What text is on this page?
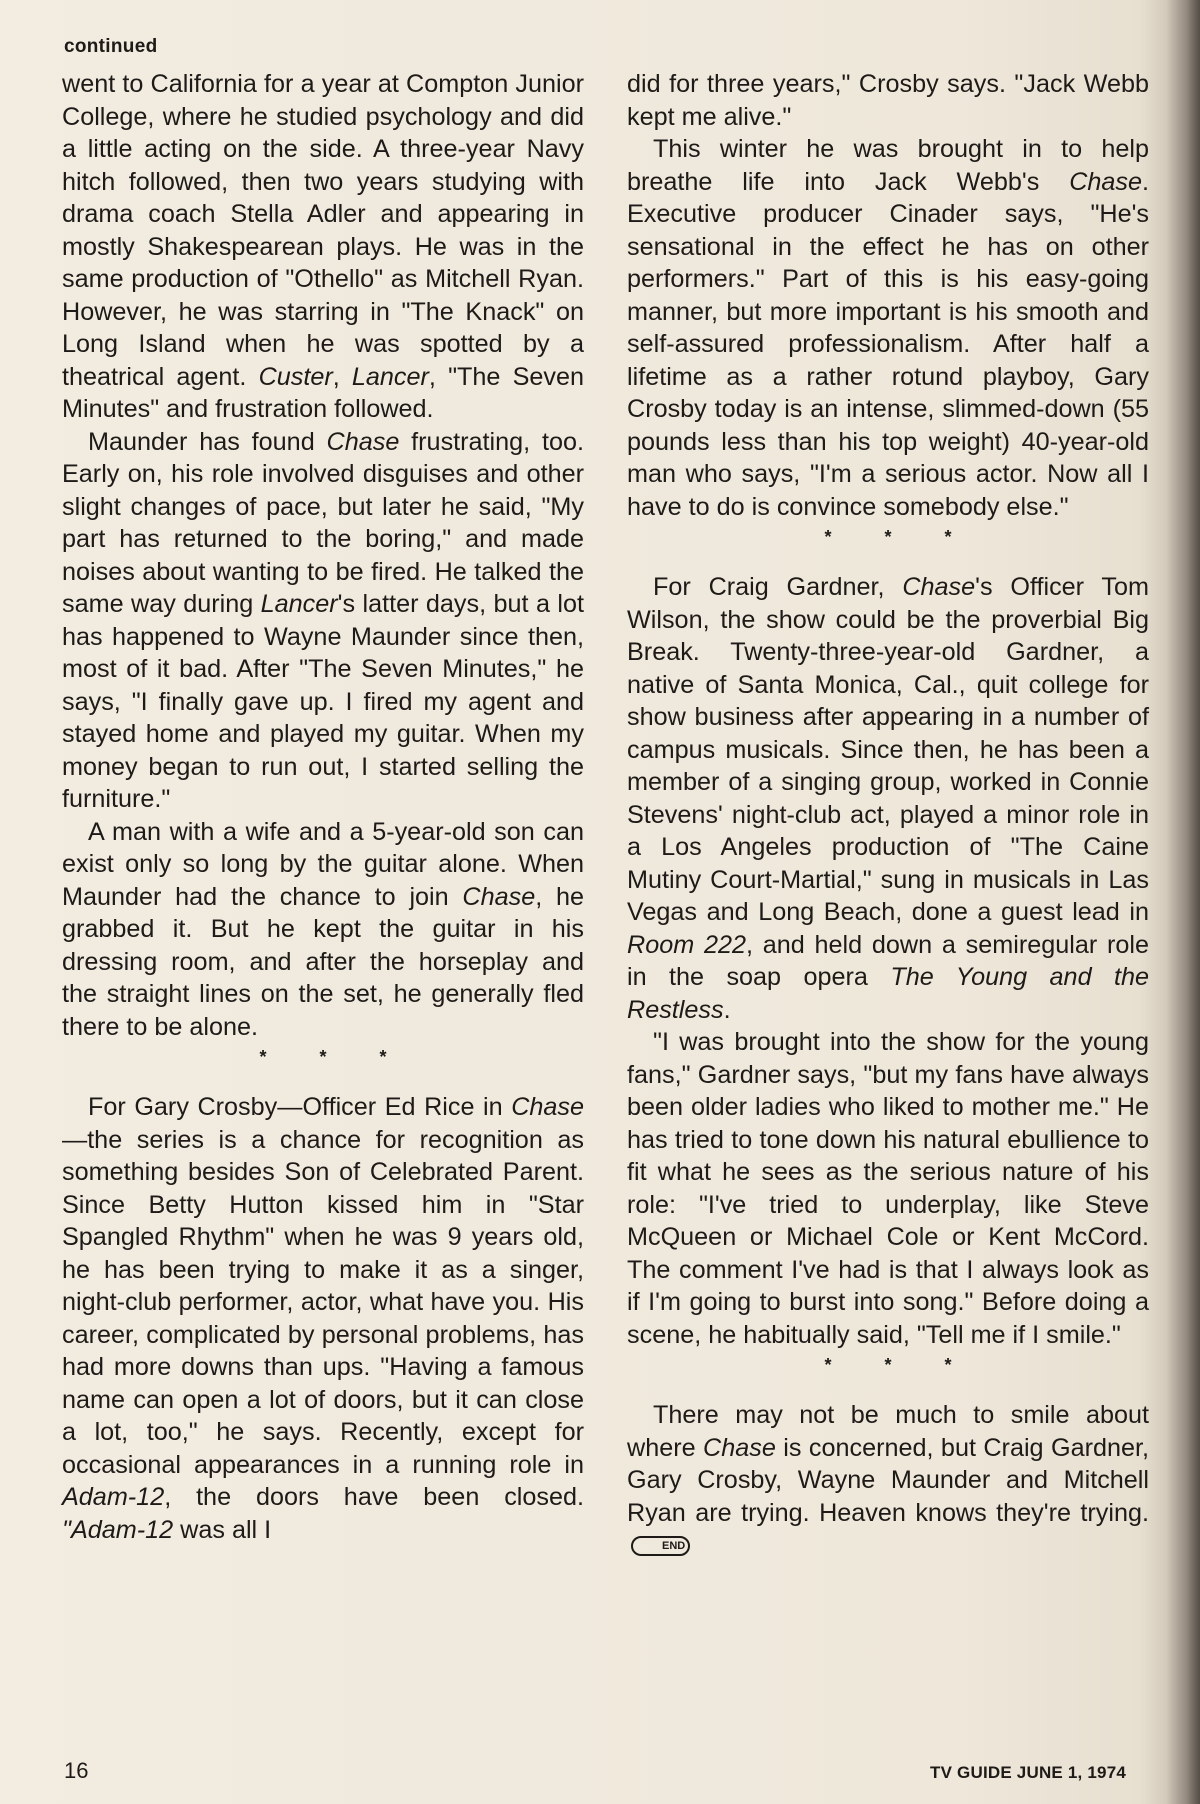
continued

went to California for a year at Compton Junior College, where he studied psychology and did a little acting on the side. A three-year Navy hitch followed, then two years studying with drama coach Stella Adler and appearing in mostly Shakespearean plays. He was in the same production of "Othello" as Mitchell Ryan. However, he was starring in "The Knack" on Long Island when he was spotted by a theatrical agent. Custer, Lancer, "The Seven Minutes" and frustration followed.

Maunder has found Chase frustrating, too. Early on, his role involved disguises and other slight changes of pace, but later he said, "My part has returned to the boring," and made noises about wanting to be fired. He talked the same way during Lancer's latter days, but a lot has happened to Wayne Maunder since then, most of it bad. After "The Seven Minutes," he says, "I finally gave up. I fired my agent and stayed home and played my guitar. When my money began to run out, I started selling the furniture."

A man with a wife and a 5-year-old son can exist only so long by the guitar alone. When Maunder had the chance to join Chase, he grabbed it. But he kept the guitar in his dressing room, and after the horseplay and the straight lines on the set, he generally fled there to be alone.

* * *

For Gary Crosby—Officer Ed Rice in Chase—the series is a chance for recognition as something besides Son of Celebrated Parent. Since Betty Hutton kissed him in "Star Spangled Rhythm" when he was 9 years old, he has been trying to make it as a singer, night-club performer, actor, what have you. His career, complicated by personal problems, has had more downs than ups. "Having a famous name can open a lot of doors, but it can close a lot, too," he says. Recently, except for occasional appearances in a running role in Adam-12, the doors have been closed. "Adam-12 was all I

did for three years," Crosby says. "Jack Webb kept me alive."

This winter he was brought in to help breathe life into Jack Webb's Chase. Executive producer Cinader says, "He's sensational in the effect he has on other performers." Part of this is his easy-going manner, but more important is his smooth and self-assured professionalism. After half a lifetime as a rather rotund playboy, Gary Crosby today is an intense, slimmed-down (55 pounds less than his top weight) 40-year-old man who says, "I'm a serious actor. Now all I have to do is convince somebody else."

* * *

For Craig Gardner, Chase's Officer Tom Wilson, the show could be the proverbial Big Break. Twenty-three-year-old Gardner, a native of Santa Monica, Cal., quit college for show business after appearing in a number of campus musicals. Since then, he has been a member of a singing group, worked in Connie Stevens' night-club act, played a minor role in a Los Angeles production of "The Caine Mutiny Court-Martial," sung in musicals in Las Vegas and Long Beach, done a guest lead in Room 222, and held down a semiregular role in the soap opera The Young and the Restless.

"I was brought into the show for the young fans," Gardner says, "but my fans have always been older ladies who liked to mother me." He has tried to tone down his natural ebullience to fit what he sees as the serious nature of his role: "I've tried to underplay, like Steve McQueen or Michael Cole or Kent McCord. The comment I've had is that I always look as if I'm going to burst into song." Before doing a scene, he habitually said, "Tell me if I smile."

* * *

There may not be much to smile about where Chase is concerned, but Craig Gardner, Gary Crosby, Wayne Maunder and Mitchell Ryan are trying. Heaven knows they're trying. END

16	TV GUIDE JUNE 1, 1974
